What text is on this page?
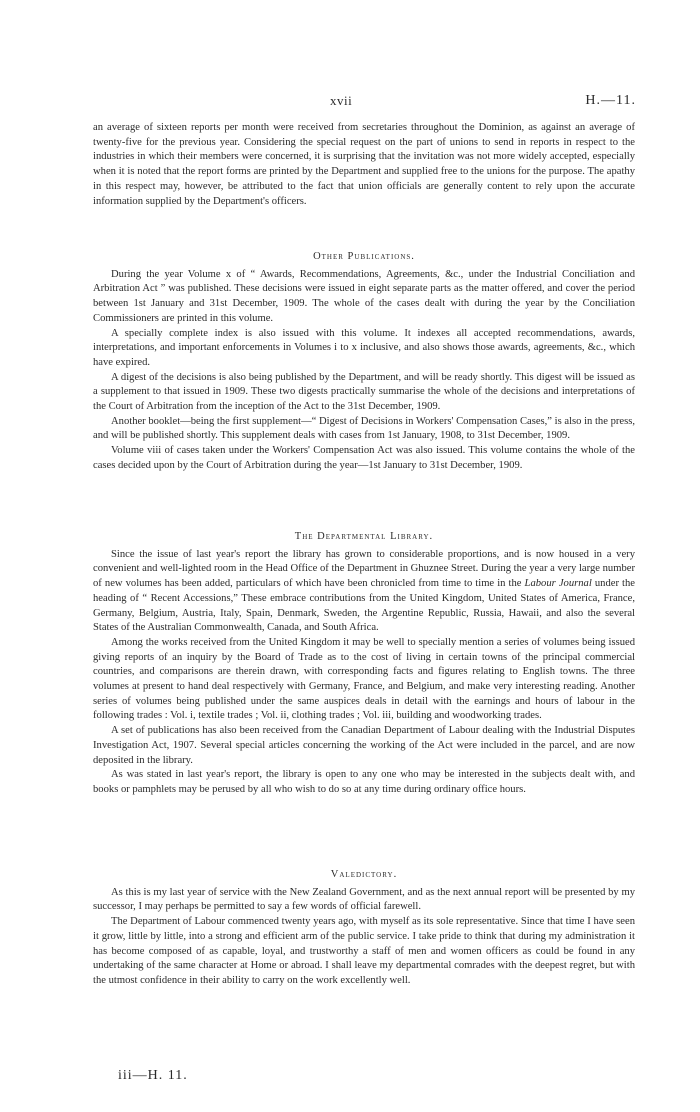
xvii	H.—11.

an average of sixteen reports per month were received from secretaries throughout the Dominion, as against an average of twenty-five for the previous year. Considering the special request on the part of unions to send in reports in respect to the industries in which their members were concerned, it is surprising that the invitation was not more widely accepted, especially when it is noted that the report forms are printed by the Department and supplied free to the unions for the purpose. The apathy in this respect may, however, be attributed to the fact that union officials are generally content to rely upon the accurate information supplied by the Department's officers.

Other Publications.

During the year Volume x of “ Awards, Recommendations, Agreements, &c., under the Industrial Conciliation and Arbitration Act ” was published. These decisions were issued in eight separate parts as the matter offered, and cover the period between 1st January and 31st December, 1909. The whole of the cases dealt with during the year by the Conciliation Commissioners are printed in this volume.

A specially complete index is also issued with this volume. It indexes all accepted recommendations, awards, interpretations, and important enforcements in Volumes i to x inclusive, and also shows those awards, agreements, &c., which have expired.

A digest of the decisions is also being published by the Department, and will be ready shortly. This digest will be issued as a supplement to that issued in 1909. These two digests practically summarise the whole of the decisions and interpretations of the Court of Arbitration from the inception of the Act to the 31st December, 1909.

Another booklet—being the first supplement—“ Digest of Decisions in Workers' Compensation Cases,” is also in the press, and will be published shortly. This supplement deals with cases from 1st January, 1908, to 31st December, 1909.

Volume viii of cases taken under the Workers' Compensation Act was also issued. This volume contains the whole of the cases decided upon by the Court of Arbitration during the year—1st January to 31st December, 1909.

The Departmental Library.

Since the issue of last year's report the library has grown to considerable proportions, and is now housed in a very convenient and well-lighted room in the Head Office of the Department in Ghuznee Street. During the year a very large number of new volumes has been added, particulars of which have been chronicled from time to time in the Labour Journal under the heading of “ Recent Accessions,” These embrace contributions from the United Kingdom, United States of America, France, Germany, Belgium, Austria, Italy, Spain, Denmark, Sweden, the Argentine Republic, Russia, Hawaii, and also the several States of the Australian Commonwealth, Canada, and South Africa.

Among the works received from the United Kingdom it may be well to specially mention a series of volumes being issued giving reports of an inquiry by the Board of Trade as to the cost of living in certain towns of the principal commercial countries, and comparisons are therein drawn, with corresponding facts and figures relating to English towns. The three volumes at present to hand deal respectively with Germany, France, and Belgium, and make very interesting reading. Another series of volumes being published under the same auspices deals in detail with the earnings and hours of labour in the following trades : Vol. i, textile trades ; Vol. ii, clothing trades ; Vol. iii, building and woodworking trades.

A set of publications has also been received from the Canadian Department of Labour dealing with the Industrial Disputes Investigation Act, 1907. Several special articles concerning the working of the Act were included in the parcel, and are now deposited in the library.

As was stated in last year's report, the library is open to any one who may be interested in the subjects dealt with, and books or pamphlets may be perused by all who wish to do so at any time during ordinary office hours.

Valedictory.

As this is my last year of service with the New Zealand Government, and as the next annual report will be presented by my successor, I may perhaps be permitted to say a few words of official farewell.

The Department of Labour commenced twenty years ago, with myself as its sole representative. Since that time I have seen it grow, little by little, into a strong and efficient arm of the public service. I take pride to think that during my administration it has become composed of as capable, loyal, and trustworthy a staff of men and women officers as could be found in any undertaking of the same character at Home or abroad. I shall leave my departmental comrades with the deepest regret, but with the utmost confidence in their ability to carry on the work excellently well.

iii—H. 11.
